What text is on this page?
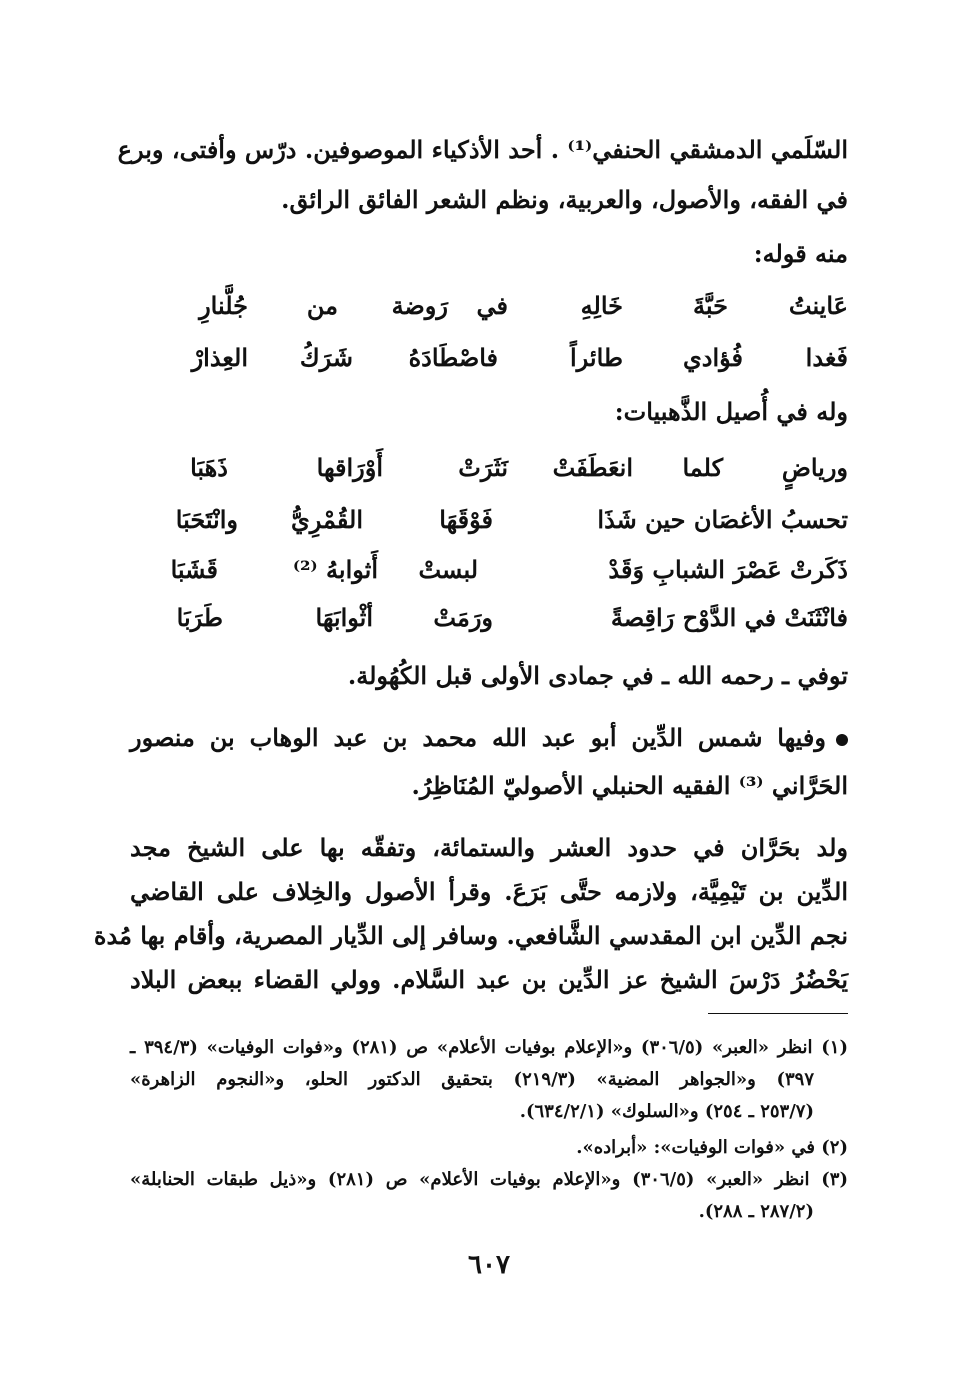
السّلَمي الدمشقي الحنفي⁽¹⁾ . أحد الأذكياء الموصوفين. درّس وأفتى، وبرع
في الفقه، والأصول، والعربية، ونظم الشعر الفائق الرائق.
منه قوله:
عَاينتُ
حَبَّةَ
خَالِهِ
في
رَوضة
من
جُلَّنارِ
فَغدا
فُؤادي
طائراً
فاصْطَادَهُ
شَرَكُ
العِذارْ
وله في أُصيل الذَّهبيات:
ورياضٍ
كلما
انعَطَفَتْ
نَثَرَتْ
أَوْرَاقها
ذَهَبَا
تحسبُ الأغصَان حين شَذَا
فَوْقَهَا
القُمْرِيُّ
وانْتَحَبَا
ذَكَرتْ عَصْرَ الشبابِ وَقَدْ
لبستْ
أَثوابهُ ⁽²⁾
قَشَبَا
فانْثَنَتْ في الدَّوْح رَاقِصةً
ورَمَتْ
أثْوابَهَا
طَرَبَا
توفي ـ رحمه الله ـ في جمادى الأولى قبل الكُهُولة.
وفيها شمس الدِّين أبو عبد الله محمد بن عبد الوهاب بن منصور
الحَرَّاني ⁽³⁾ الفقيه الحنبلي الأصوليّ المُنَاظِرُ.
ولد بحَرَّان في حدود العشر والستمائة، وتفقّه بها على الشيخ مجد
الدِّين بن تَيْمِيَّة، ولازمه حتَّى بَرَعَ. وقرأ الأصول والخِلاف على القاضي
نجم الدِّين ابن المقدسي الشَّافعي. وسافر إلى الدِّيار المصرية، وأقام بها مُدة
يَحْضُرُ دَرْسَ الشيخ عز الدِّين بن عبد السَّلام. وولي القضاء ببعض البلاد
(١) انظر «العبر» (٣٠٦/٥) و«الإعلام بوفيات الأعلام» ص (٢٨١) و«فوات الوفيات» (٣٩٤/٣ ـ
٣٩٧) و«الجواهر المضية» (٢١٩/٣) بتحقيق الدكتور الحلو، و«النجوم الزاهرة»
(٢٥٣/٧ ـ ٢٥٤) و«السلوك» (٦٣٤/٢/١).
(٢) في «فوات الوفيات»: «أبراده».
(٣) انظر «العبر» (٣٠٦/٥) و«الإعلام بوفيات الأعلام» ص (٢٨١) و«ذيل طبقات الحنابلة»
(٢٨٧/٢ ـ ٢٨٨).
٦٠٧
